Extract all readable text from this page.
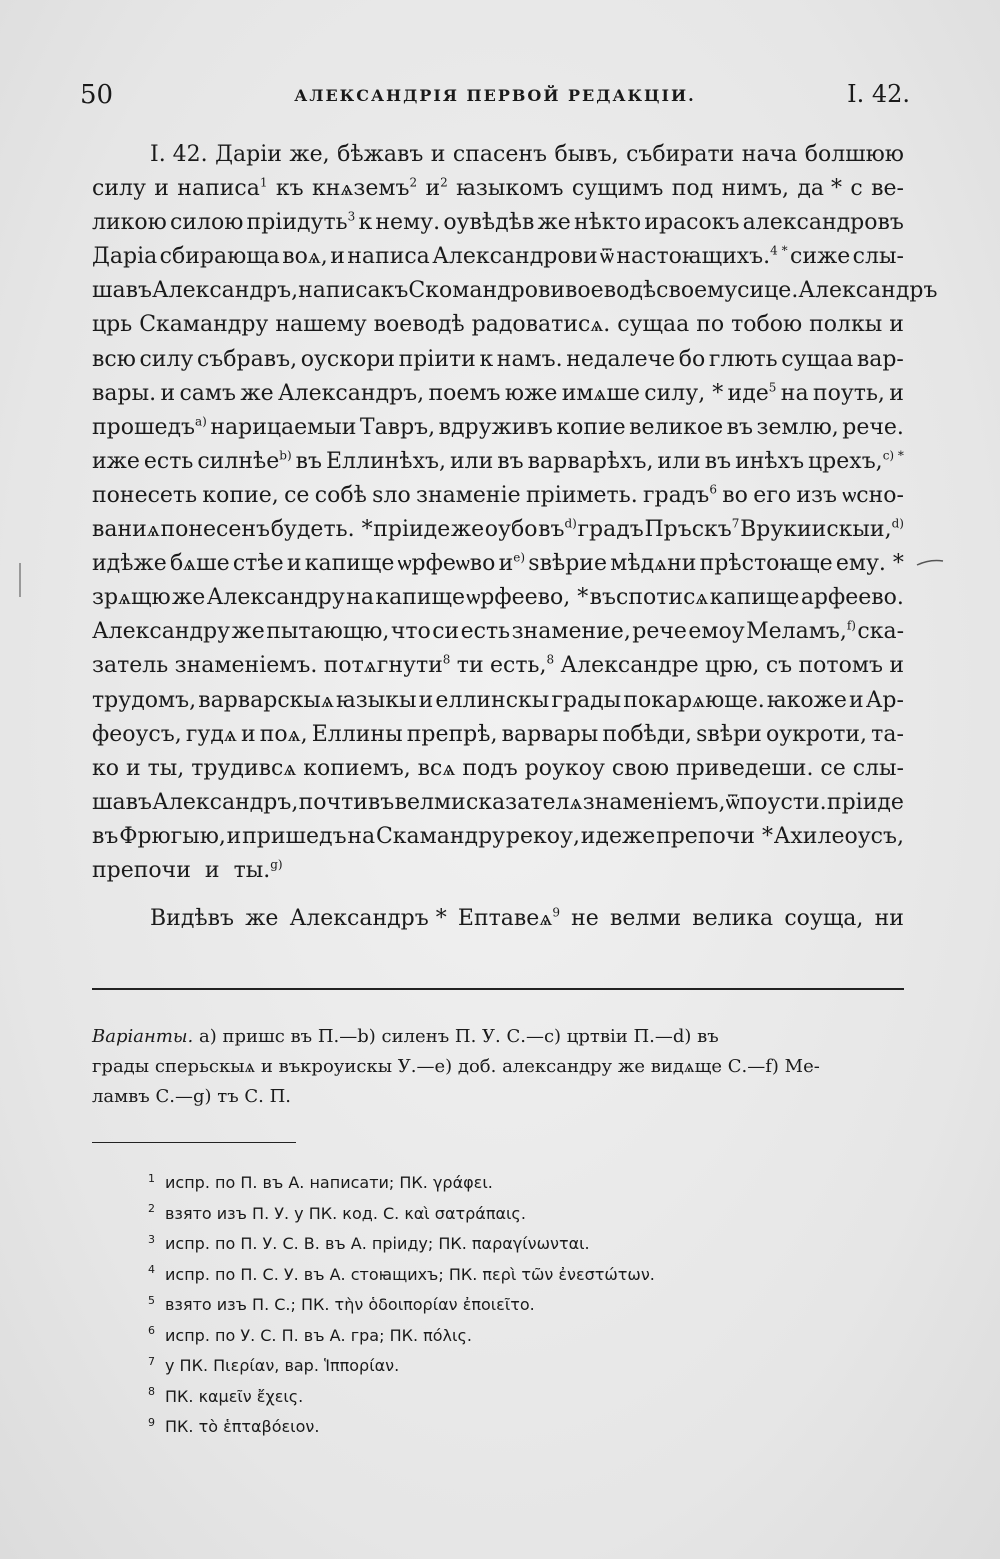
50	АЛЕКСАНДРІЯ ПЕРВОЙ РЕДАКЦІИ.	I. 42.
I. 42. Даріи же, бѣжавъ и спасенъ бывъ, събирати нача болшюю
силу и написа$^1$ къ кнѧземъ$^2$ $и^2$ ꙗзыкомъ сущимъ под нимъ, да * с ве-
ликою силою пріидуть$^3$ к нему. оувѣдѣв же нѣкто ирасокъ александровъ
Даріа сбирающа воѧ, и написа Александрови ѿ настоꙗщихъ.$^{4 *}$ сиже слы-
шавъ Александръ, написа къ Скомандрови воеводѣ своему сице. Александръ
црь Скамандру нашему воеводѣ радоватисѧ. сущаа по тобою полкы и
всю силу събравъ, оускори пріити к намъ. недалече бо глють сущаа вар-
вары. и самъ же Александръ, поемъ юже имѧше силу, * иде$^5$ на поуть, и
прошедъ$^{a)}$ нарицаемыи Тавръ, вдруживъ копие великое въ землю, рече.
иже есть силнѣе$^{b)}$ въ Еллинѣхъ, или въ варварѣхъ, или въ инѣхъ црехъ,$^{c) *}$
понесеть копие, се собѣ ѕло знаменіе пріиметь. градъ$^6$ во его изъ ѡсно-
ваниѧ понесенъ будеть. * пріиде же оубо $въ^{d)}$ градъ Пръскъ$^7$ Врукиискыи,$^{d)}$
идѣже бѧше стѣе и капище ѡрфеѡво $и^{e)}$ ѕвѣрие мѣдѧни прѣстоꙗще ему. *
зрѧщю же Александру на капище ѡрфеево, * въспотисѧ капище арфеево.
Александру же пытающю, что си есть знамение, рече емоу Меламъ,$^{f)}$ ска-
затель знаменіемъ. потѧгнути$^8$ ти есть,$^8$ Александре црю, съ потомъ и
трудомъ, варварскыѧ ꙗзыкы и еллинскы грады покарѧюще. ꙗкоже и Ар-
феоусъ, гудѧ и поѧ, Еллины препрѣ, варвары побѣди, ѕвѣри оукроти, та-
ко и ты, трудивсѧ копиемъ, всѧ подъ роукоу свою приведеши. се слы-
шавъ Александръ, почтивъ велми сказателѧ знаменіемъ, ѿпоусти. пріиде
въ Фрюгыю, и пришедъ на Скамандру рекоу, идеже препочи * Ахилеоусъ,
препочи и ты.$^{g)}$
Видѣвъ же Александръ * Ептавеѧ$^9$ не велми велика соуща, ни
Варіанты. а) пришс въ П.—b) силенъ П. У. С.—c) цртвіи П.—d) въ
грады сперьскыѧ и въкроуискы У.—e) доб. александру же видѧще С.—f) Ме-
ламвъ С.—g) тъ С. П.
$^1$ испр. по П. въ А. написати; ПК. γράφει.
$^2$ взято изъ П. У. у ПК. код. С. καὶ σατράπαις.
$^3$ испр. по П. У. С. В. въ А. пріиду; ПК. παραγίνωνται.
$^4$ испр. по П. С. У. въ А. стоꙗщихъ; ПК. περὶ τῶν ἐνεστώτων.
$^5$ взято изъ П. С.; ПК. τὴν ὁδοιπορίαν ἐποιεῖτο.
$^6$ испр. по У. С. П. въ А. гра; ПК. πόλις.
$^7$ у ПК. Πιερίαν, вар. Ἱππορίαν.
$^8$ ПК. καμεῖν ἔχεις.
$^9$ ПК. τὸ ἑπταβόειον.
